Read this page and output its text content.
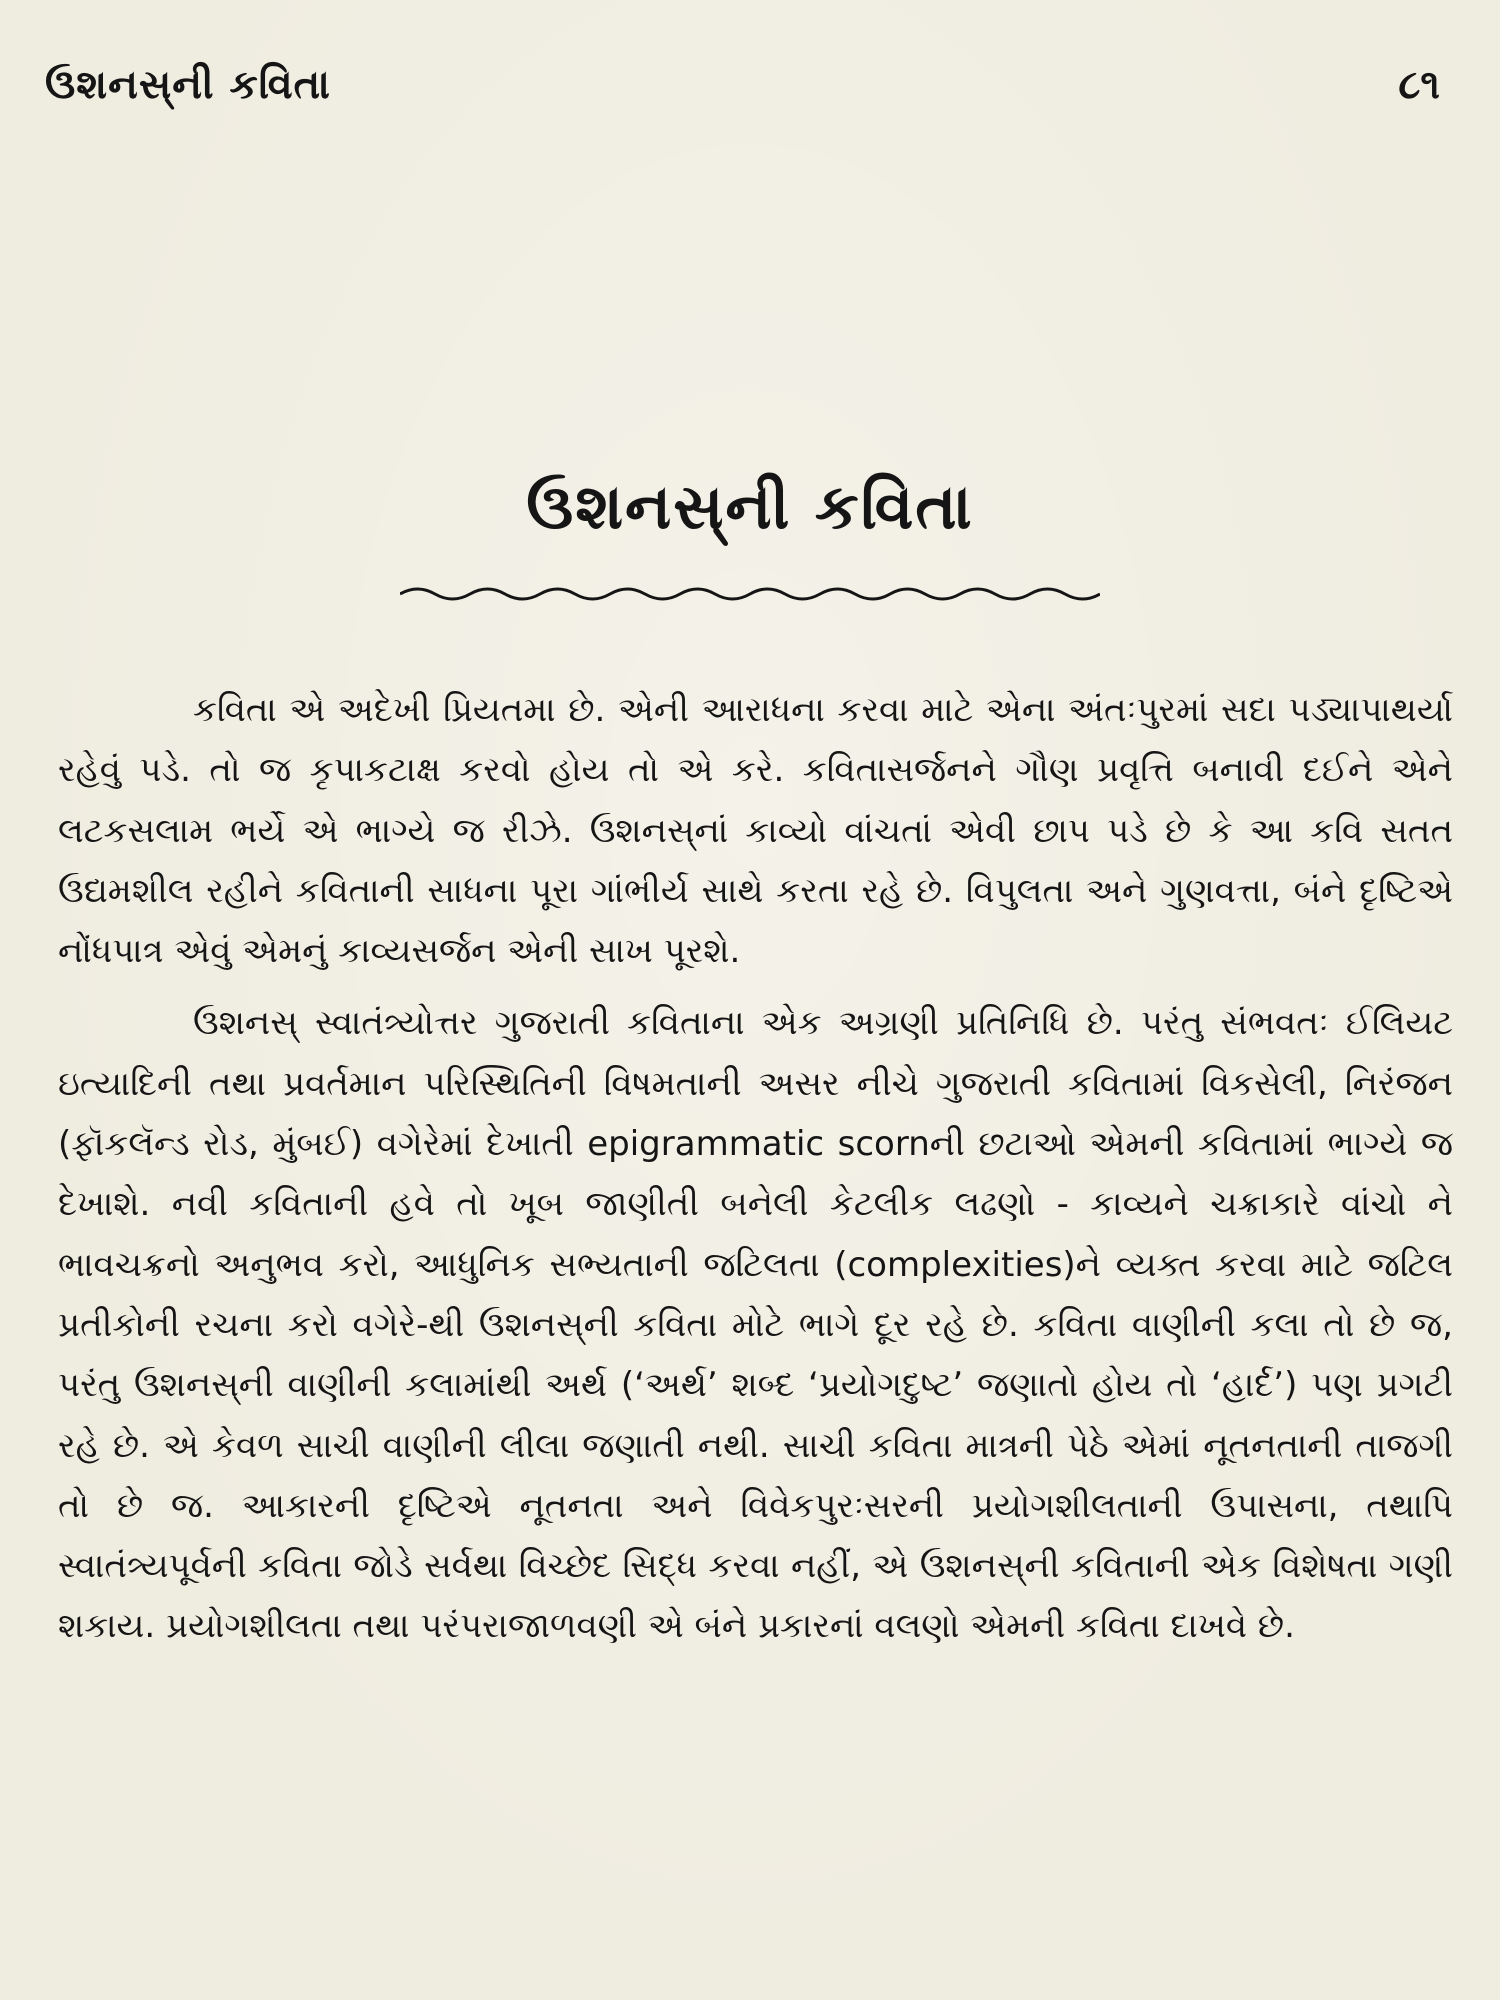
ઉશનસ્‌ની કવિતા	૮૧
ઉશનસ્‌ની કવિતા

કવિતા એ અદેખી પ્રિયતમા છે. એની આરાધના કરવા માટે એના અંતઃપુરમાં સદા પડ્યાપાથર્યા રહેવું પડે. તો જ કૃપાકટાક્ષ કરવો હોય તો એ કરે. કવિતાસર્જનને ગૌણ પ્રવૃત્તિ બનાવી દઈને એને લટકસલામ ભર્યે એ ભાગ્યે જ રીઝે. ઉશનસ્‌નાં કાવ્યો વાંચતાં એવી છાપ પડે છે કે આ કવિ સતત ઉદ્યમશીલ રહીને કવિતાની સાધના પૂરા ગાંભીર્ય સાથે કરતા રહે છે. વિપુલતા અને ગુણવત્તા, બંને દૃષ્ટિએ નોંધપાત્ર એવું એમનું કાવ્યસર્જન એની સાખ પૂરશે.

ઉશનસ્‌ સ્વાતંત્ર્યોત્તર ગુજરાતી કવિતાના એક અગ્રણી પ્રતિનિધિ છે. પરંતુ સંભવતઃ ઈલિયટ ઇત્યાદિની તથા પ્રવર્તમાન પરિસ્થિતિની વિષમતાની અસર નીચે ગુજરાતી કવિતામાં વિકસેલી, નિરંજન (ફૉકલૅન્ડ રોડ, મુંબઈ) વગેરેમાં દેખાતી epigrammatic scornની છટાઓ એમની કવિતામાં ભાગ્યે જ દેખાશે. નવી કવિતાની હવે તો ખૂબ જાણીતી બનેલી કેટલીક લઢણો - કાવ્યને ચક્રાકારે વાંચો ને ભાવચક્રનો અનુભવ કરો, આધુનિક સભ્યતાની જટિલતા (complexities)ને વ્યક્ત કરવા માટે જટિલ પ્રતીકોની રચના કરો વગેરે-થી ઉશનસ્‌ની કવિતા મોટે ભાગે દૂર રહે છે. કવિતા વાણીની કલા તો છે જ, પરંતુ ઉશનસ્‌ની વાણીની કલામાંથી અર્થ (‘અર્થ’ શબ્દ ‘પ્રયોગદુષ્ટ’ જણાતો હોય તો ‘હાર્દ’) પણ પ્રગટી રહે છે. એ કેવળ સાચી વાણીની લીલા જણાતી નથી. સાચી કવિતા માત્રની પેઠે એમાં નૂતનતાની તાજગી તો છે જ. આકારની દૃષ્ટિએ નૂતનતા અને વિવેકપુરઃસરની પ્રયોગશીલતાની ઉપાસના, તથાપિ સ્વાતંત્ર્યપૂર્વની કવિતા જોડે સર્વથા વિચ્છેદ સિદ્ધ કરવા નહીં, એ ઉશનસ્‌ની કવિતાની એક વિશેષતા ગણી શકાય. પ્રયોગશીલતા તથા પરંપરાજાળવણી એ બંને પ્રકારનાં વલણો એમની કવિતા દાખવે છે.
